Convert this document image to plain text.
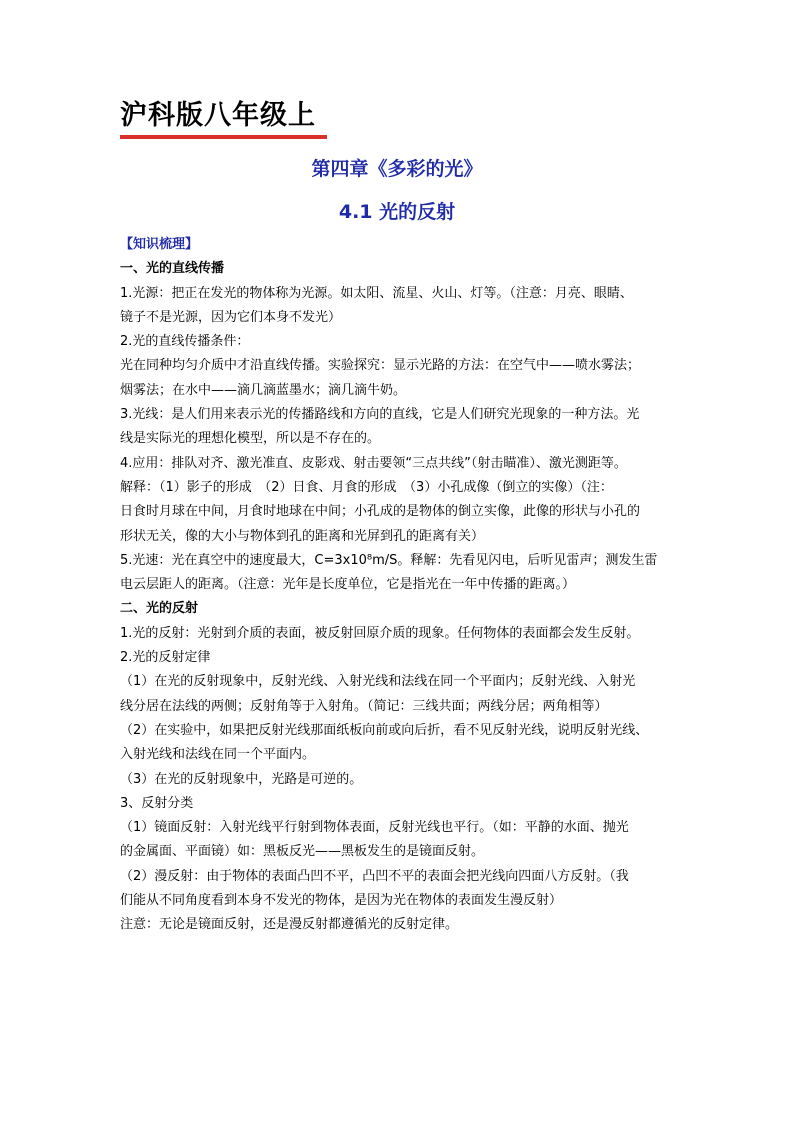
沪科版八年级上
第四章《多彩的光》
4.1 光的反射
【知识梳理】
一、光的直线传播
1.光源：把正在发光的物体称为光源。如太阳、流星、火山、灯等。（注意：月亮、眼睛、
镜子不是光源，因为它们本身不发光）
2.光的直线传播条件：
光在同种均匀介质中才沿直线传播。实验探究：显示光路的方法：在空气中——喷水雾法；
烟雾法；在水中——滴几滴蓝墨水；滴几滴牛奶。
3.光线：是人们用来表示光的传播路线和方向的直线，它是人们研究光现象的一种方法。光
线是实际光的理想化模型，所以是不存在的。
4.应用：排队对齐、激光准直、皮影戏、射击要领“三点共线”（射击瞄准）、激光测距等。
解释：（1）影子的形成　（2）日食、月食的形成　（3）小孔成像（倒立的实像）（注：
日食时月球在中间，月食时地球在中间；小孔成的是物体的倒立实像，此像的形状与小孔的
形状无关，像的大小与物体到孔的距离和光屏到孔的距离有关）
5.光速：光在真空中的速度最大，C=3x10⁸m/S。释解：先看见闪电，后听见雷声；测发生雷
电云层距人的距离。（注意：光年是长度单位，它是指光在一年中传播的距离。）
二、光的反射
1.光的反射：光射到介质的表面，被反射回原介质的现象。任何物体的表面都会发生反射。
2.光的反射定律
（1）在光的反射现象中，反射光线、入射光线和法线在同一个平面内；反射光线、入射光
线分居在法线的两侧；反射角等于入射角。（简记：三线共面；两线分居；两角相等）
（2）在实验中，如果把反射光线那面纸板向前或向后折，看不见反射光线，说明反射光线、
入射光线和法线在同一个平面内。
（3）在光的反射现象中，光路是可逆的。
3、反射分类
（1）镜面反射：入射光线平行射到物体表面，反射光线也平行。（如：平静的水面、抛光
的金属面、平面镜）如：黑板反光——黑板发生的是镜面反射。
（2）漫反射：由于物体的表面凸凹不平，凸凹不平的表面会把光线向四面八方反射。（我
们能从不同角度看到本身不发光的物体，是因为光在物体的表面发生漫反射）
注意：无论是镜面反射，还是漫反射都遵循光的反射定律。
